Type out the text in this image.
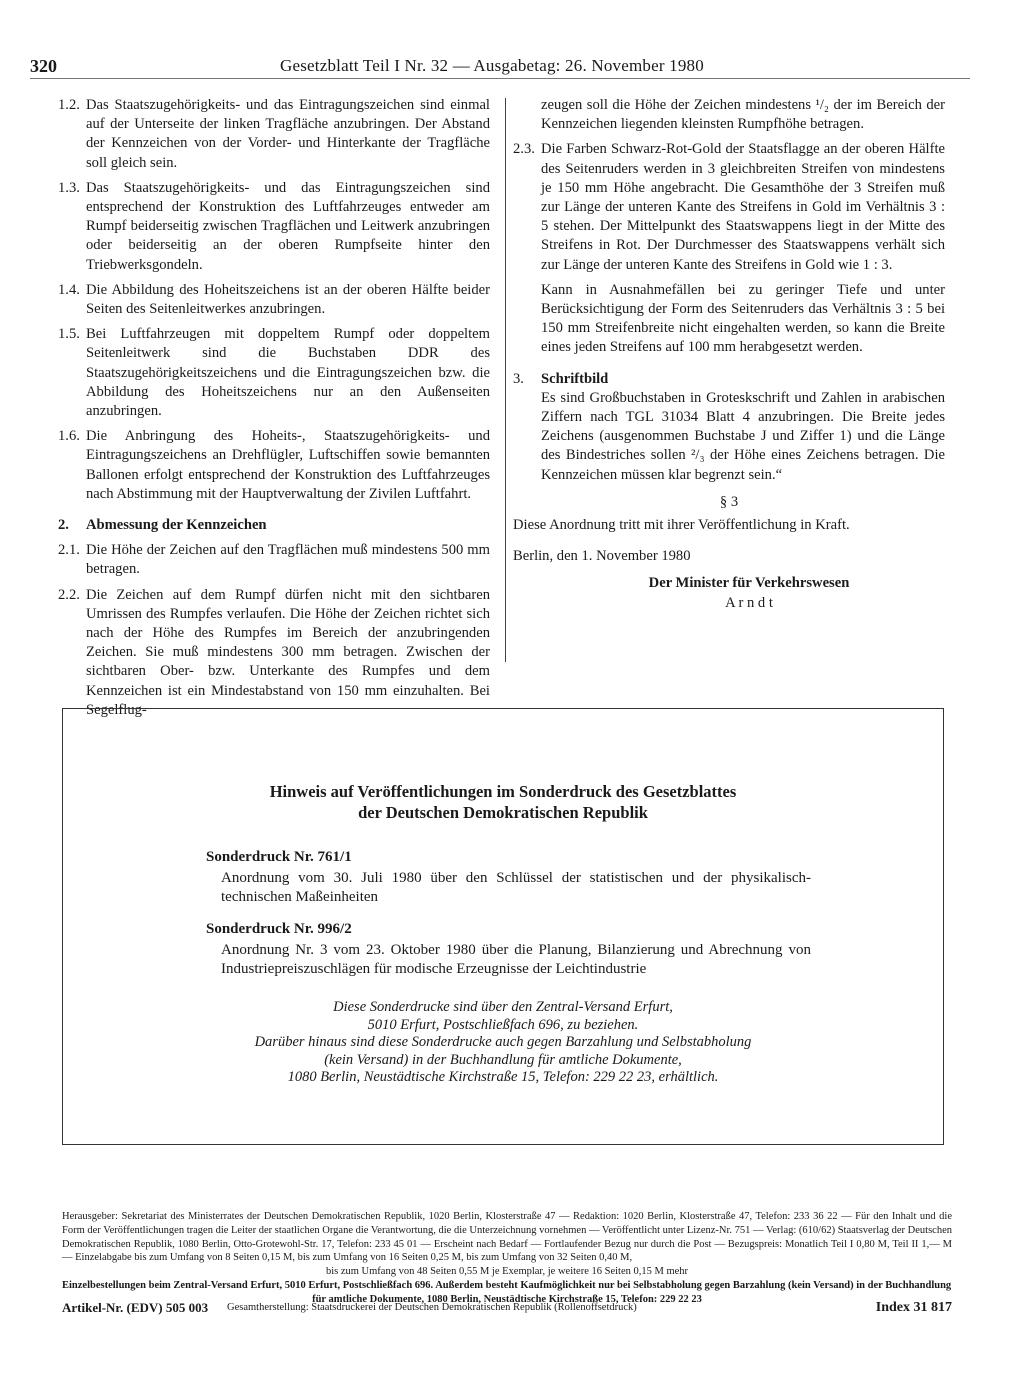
320	Gesetzblatt Teil I Nr. 32 — Ausgabetag: 26. November 1980
1.2. Das Staatszugehörigkeits- und das Eintragungszeichen sind einmal auf der Unterseite der linken Tragfläche anzubringen. Der Abstand der Kennzeichen von der Vorder- und Hinterkante der Tragfläche soll gleich sein.
1.3. Das Staatszugehörigkeits- und das Eintragungszeichen sind entsprechend der Konstruktion des Luftfahrzeuges entweder am Rumpf beiderseitig zwischen Tragflächen und Leitwerk anzubringen oder beiderseitig an der oberen Rumpfseite hinter den Triebwerksgondeln.
1.4. Die Abbildung des Hoheitszeichens ist an der oberen Hälfte beider Seiten des Seitenleitwerkes anzubringen.
1.5. Bei Luftfahrzeugen mit doppeltem Rumpf oder doppeltem Seitenleitwerk sind die Buchstaben DDR des Staatszugehörigkeitszeichens und die Eintragungszeichen bzw. die Abbildung des Hoheitszeichens nur an den Außenseiten anzubringen.
1.6. Die Anbringung des Hoheits-, Staatszugehörigkeits- und Eintragungszeichens an Drehflügler, Luftschiffen sowie bemannten Ballonen erfolgt entsprechend der Konstruktion des Luftfahrzeuges nach Abstimmung mit der Hauptverwaltung der Zivilen Luftfahrt.
2.	Abmessung der Kennzeichen
2.1. Die Höhe der Zeichen auf den Tragflächen muß mindestens 500 mm betragen.
2.2. Die Zeichen auf dem Rumpf dürfen nicht mit den sichtbaren Umrissen des Rumpfes verlaufen. Die Höhe der Zeichen richtet sich nach der Höhe des Rumpfes im Bereich der anzubringenden Zeichen. Sie muß mindestens 300 mm betragen. Zwischen der sichtbaren Ober- bzw. Unterkante des Rumpfes und dem Kennzeichen ist ein Mindestabstand von 150 mm einzuhalten. Bei Segelflug-
zeugen soll die Höhe der Zeichen mindestens ¹/₂ der im Bereich der Kennzeichen liegenden kleinsten Rumpfhöhe betragen.
2.3. Die Farben Schwarz-Rot-Gold der Staatsflagge an der oberen Hälfte des Seitenruders werden in 3 gleichbreiten Streifen von mindestens je 150 mm Höhe angebracht. Die Gesamthöhe der 3 Streifen muß zur Länge der unteren Kante des Streifens in Gold im Verhältnis 3 : 5 stehen. Der Mittelpunkt des Staatswappens liegt in der Mitte des Streifens in Rot. Der Durchmesser des Staatswappens verhält sich zur Länge der unteren Kante des Streifens in Gold wie 1 : 3.
Kann in Ausnahmefällen bei zu geringer Tiefe und unter Berücksichtigung der Form des Seitenruders das Verhältnis 3 : 5 bei 150 mm Streifenbreite nicht eingehalten werden, so kann die Breite eines jeden Streifens auf 100 mm herabgesetzt werden.
3.	Schriftbild
Es sind Großbuchstaben in Groteskschrift und Zahlen in arabischen Ziffern nach TGL 31034 Blatt 4 anzubringen. Die Breite jedes Zeichens (ausgenommen Buchstabe J und Ziffer 1) und die Länge des Bindestriches sollen ²/₃ der Höhe eines Zeichens betragen. Die Kennzeichen müssen klar begrenzt sein.“
§ 3
Diese Anordnung tritt mit ihrer Veröffentlichung in Kraft.
Berlin, den 1. November 1980
Der Minister für Verkehrswesen
A r n d t
Hinweis auf Veröffentlichungen im Sonderdruck des Gesetzblattes
der Deutschen Demokratischen Republik
Sonderdruck Nr. 761/1
Anordnung vom 30. Juli 1980 über den Schlüssel der statistischen und der physikalisch-technischen Maßeinheiten
Sonderdruck Nr. 996/2
Anordnung Nr. 3 vom 23. Oktober 1980 über die Planung, Bilanzierung und Abrechnung von Industriepreiszuschlägen für modische Erzeugnisse der Leichtindustrie
Diese Sonderdrucke sind über den Zentral-Versand Erfurt,
5010 Erfurt, Postschließfach 696, zu beziehen.
Darüber hinaus sind diese Sonderdrucke auch gegen Barzahlung und Selbstabholung
(kein Versand) in der Buchhandlung für amtliche Dokumente,
1080 Berlin, Neustädtische Kirchstraße 15, Telefon: 229 22 23, erhältlich.
Herausgeber: Sekretariat des Ministerrates der Deutschen Demokratischen Republik, 1020 Berlin, Klosterstraße 47 — Redaktion: 1020 Berlin, Klosterstraße 47, Telefon: 233 36 22 — Für den Inhalt und die Form der Veröffentlichungen tragen die Leiter der staatlichen Organe die Verantwortung, die die Unterzeichnung vornehmen — Veröffentlicht unter Lizenz-Nr. 751 — Verlag: (610/62) Staatsverlag der Deutschen Demokratischen Republik, 1080 Berlin, Otto-Grotewohl-Str. 17, Telefon: 233 45 01 — Erscheint nach Bedarf — Fortlaufender Bezug nur durch die Post — Bezugspreis: Monatlich Teil I 0,80 M, Teil II 1,— M — Einzelabgabe bis zum Umfang von 8 Seiten 0,15 M, bis zum Umfang von 16 Seiten 0,25 M, bis zum Umfang von 32 Seiten 0,40 M,
bis zum Umfang von 48 Seiten 0,55 M je Exemplar, je weitere 16 Seiten 0,15 M mehr
Einzelbestellungen beim Zentral-Versand Erfurt, 5010 Erfurt, Postschließfach 696. Außerdem besteht Kaufmöglichkeit nur bei Selbstabholung gegen Barzahlung (kein Versand) in der Buchhandlung
für amtliche Dokumente, 1080 Berlin, Neustädtische Kirchstraße 15, Telefon: 229 22 23
Artikel-Nr. (EDV) 505 003 Gesamtherstellung: Staatsdruckerei der Deutschen Demokratischen Republik (Rollenoffsetdruck)	Index 31 817
